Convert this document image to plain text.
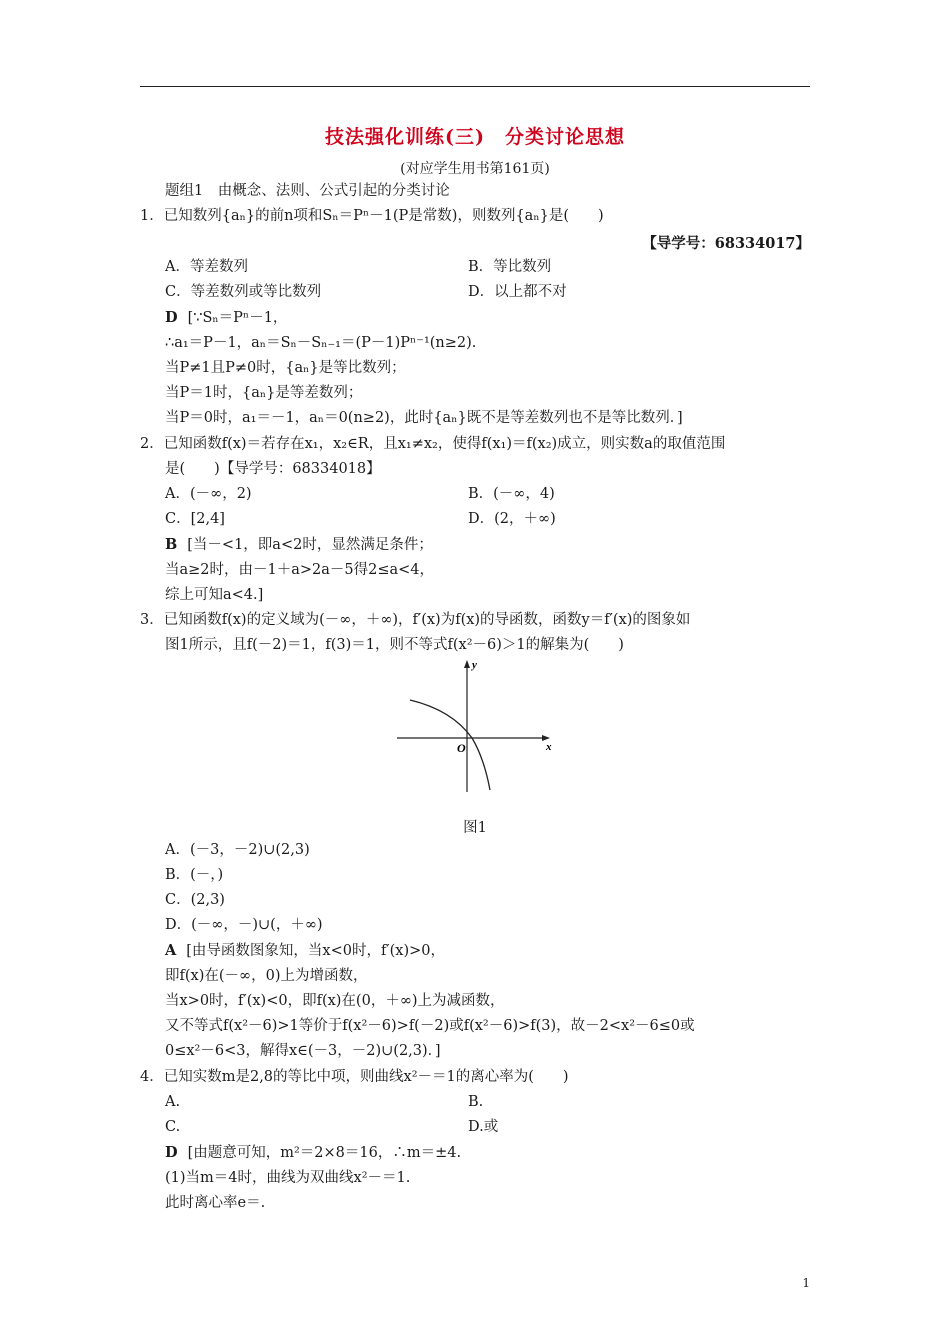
技法强化训练(三)　分类讨论思想
(对应学生用书第161页)
题组1　由概念、法则、公式引起的分类讨论
1．已知数列{aₙ}的前n项和Sₙ＝Pⁿ－1(P是常数)，则数列{aₙ}是(　　)
【导学号：68334017】
A．等差数列	B．等比数列
C．等差数列或等比数列	D．以上都不对
D [∵Sₙ＝Pⁿ－1，
∴a₁＝P－1，aₙ＝Sₙ－Sₙ₋₁＝(P－1)Pⁿ⁻¹(n≥2).
当P≠1且P≠0时，{aₙ}是等比数列；
当P＝1时，{aₙ}是等差数列；
当P＝0时，a₁＝－1，aₙ＝0(n≥2)，此时{aₙ}既不是等差数列也不是等比数列．]
2．已知函数f(x)＝若存在x₁，x₂∈R，且x₁≠x₂，使得f(x₁)＝f(x₂)成立，则实数a的取值范围
是(　　)【导学号：68334018】
A．(－∞，2)	B．(－∞，4)
C．[2,4]	D．(2，＋∞)
B [当－<1，即a<2时，显然满足条件；
当a≥2时，由－1＋a>2a－5得2≤a<4，
综上可知a<4.]
3．已知函数f(x)的定义域为(－∞，＋∞)，f′(x)为f(x)的导函数，函数y＝f′(x)的图象如
图1所示，且f(－2)＝1，f(3)＝1，则不等式f(x²－6)＞1的解集为(　　)
y
x
O
图1
A．(－3，－2)∪(2,3)
B．(－，)
C．(2,3)
D．(－∞，－)∪(，＋∞)
A [由导函数图象知，当x<0时，f′(x)>0，
即f(x)在(－∞，0)上为增函数，
当x>0时，f′(x)<0，即f(x)在(0，＋∞)上为减函数，
又不等式f(x²－6)>1等价于f(x²－6)>f(－2)或f(x²－6)>f(3)，故－2<x²－6≤0或
0≤x²－6<3，解得x∈(－3，－2)∪(2,3)．]
4．已知实数m是2,8的等比中项，则曲线x²－＝1的离心率为(　　)
A.	B.
C.	D.或
D [由题意可知，m²＝2×8＝16，∴m＝±4.
(1)当m＝4时，曲线为双曲线x²－＝1.
此时离心率e＝.
1
